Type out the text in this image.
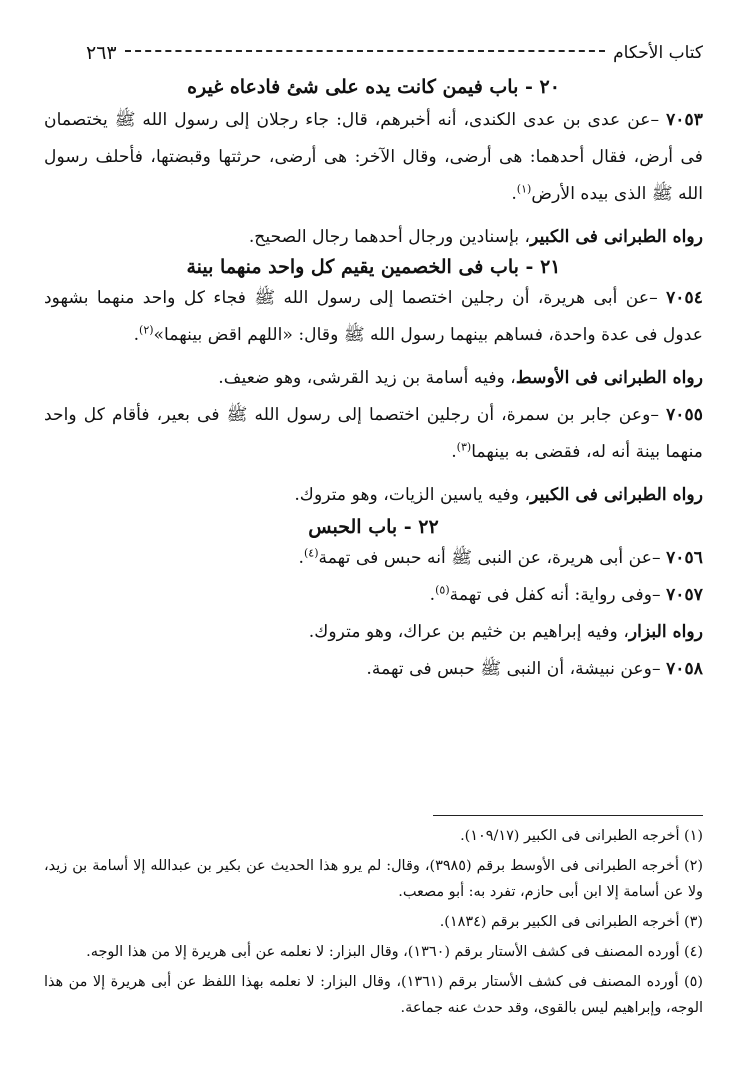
كتاب الأحكام
٢٦٣

٢٠ - باب فيمن كانت يده على شئ فادعاه غيره

٧٠٥٣ –عن عدى بن عدى الكندى، أنه أخبرهم، قال: جاء رجلان إلى رسول الله ﷺ يختصمان فى أرض، فقال أحدهما: هى أرضى، وقال الآخر: هى أرضى، حرثتها وقبضتها، فأحلف رسول الله ﷺ الذى بيده الأرض$^{(١)}$.

رواه الطبرانى فى الكبير، بإسنادين ورجال أحدهما رجال الصحيح.

٢١ - باب فى الخصمين يقيم كل واحد منهما بينة

٧٠٥٤ –عن أبى هريرة، أن رجلين اختصما إلى رسول الله ﷺ فجاء كل واحد منهما بشهود عدول فى عدة واحدة، فساهم بينهما رسول الله ﷺ وقال: «اللهم اقض بينهما»$^{(٢)}$.

رواه الطبرانى فى الأوسط، وفيه أسامة بن زيد القرشى، وهو ضعيف.

٧٠٥٥ –وعن جابر بن سمرة، أن رجلين اختصما إلى رسول الله ﷺ فى بعير، فأقام كل واحد منهما بينة أنه له، فقضى به بينهما$^{(٣)}$.

رواه الطبرانى فى الكبير، وفيه ياسين الزيات، وهو متروك.

٢٢ - باب الحبس

٧٠٥٦ –عن أبى هريرة، عن النبى ﷺ أنه حبس فى تهمة$^{(٤)}$.

٧٠٥٧ –وفى رواية: أنه كفل فى تهمة$^{(٥)}$.

رواه البزار، وفيه إبراهيم بن خثيم بن عراك، وهو متروك.

٧٠٥٨ –وعن نبيشة، أن النبى ﷺ حبس فى تهمة.

(١) أخرجه الطبرانى فى الكبير (١٠٩/١٧).

(٢) أخرجه الطبرانى فى الأوسط برقم (٣٩٨٥)، وقال: لم يرو هذا الحديث عن بكير بن عبدالله إلا أسامة بن زيد، ولا عن أسامة إلا ابن أبى حازم، تفرد به: أبو مصعب.

(٣) أخرجه الطبرانى فى الكبير برقم (١٨٣٤).

(٤) أورده المصنف فى كشف الأستار برقم (١٣٦٠)، وقال البزار: لا نعلمه عن أبى هريرة إلا من هذا الوجه.

(٥) أورده المصنف فى كشف الأستار برقم (١٣٦١)، وقال البزار: لا نعلمه بهذا اللفظ عن أبى هريرة إلا من هذا الوجه، وإبراهيم ليس بالقوى، وقد حدث عنه جماعة.
